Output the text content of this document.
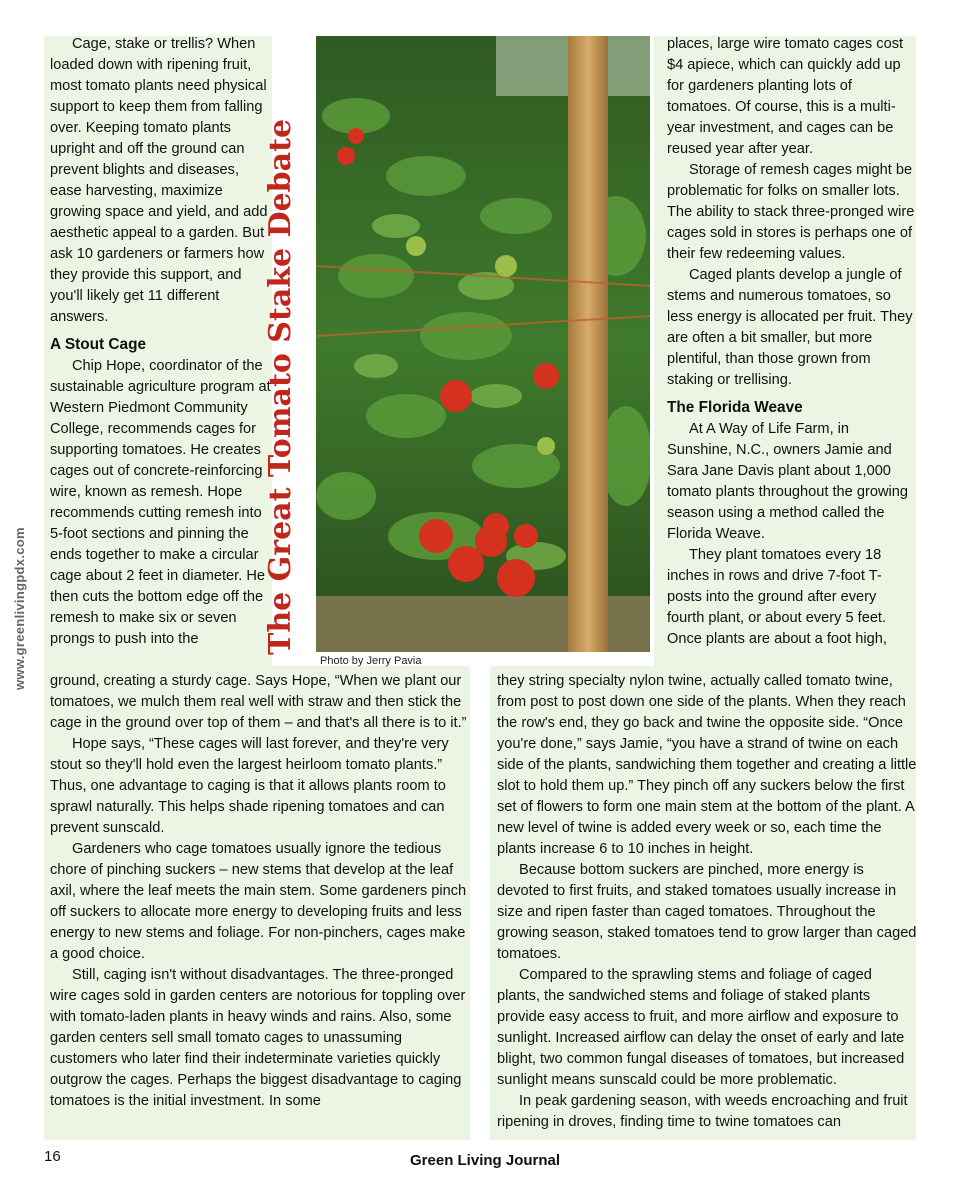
www.greenlivingpdx.com

Cage, stake or trellis? When loaded down with ripening fruit, most tomato plants need physical support to keep them from falling over. Keeping tomato plants upright and off the ground can prevent blights and diseases, ease harvesting, maximize growing space and yield, and add aesthetic appeal to a garden. But ask 10 gardeners or farmers how they provide this support, and you'll likely get 11 different answers.

A Stout Cage

Chip Hope, coordinator of the sustainable agriculture program at Western Piedmont Community College, recommends cages for supporting tomatoes. He creates cages out of concrete-reinforcing wire, known as remesh. Hope recommends cutting remesh into 5-foot sections and pinning the ends together to make a circular cage about 2 feet in diameter. He then cuts the bottom edge off the remesh to make six or seven prongs to push into the	The Great Tomato Stake Debate
Photo by Jerry Pavia

places, large wire tomato cages cost $4 apiece, which can quickly add up for gardeners planting lots of tomatoes. Of course, this is a multi-year investment, and cages can be reused year after year.

Storage of remesh cages might be problematic for folks on smaller lots. The ability to stack three-pronged wire cages sold in stores is perhaps one of their few redeeming values.

Caged plants develop a jungle of stems and numerous tomatoes, so less energy is allocated per fruit. They are often a bit smaller, but more plentiful, than those grown from staking or trellising.

The Florida Weave

At A Way of Life Farm, in Sunshine, N.C., owners Jamie and Sara Jane Davis plant about 1,000 tomato plants throughout the growing season using a method called the Florida Weave.

They plant tomatoes every 18 inches in rows and drive 7-foot T-posts into the ground after every fourth plant, or about every 5 feet. Once plants are about a foot high,

ground, creating a sturdy cage. Says Hope, “When we plant our tomatoes, we mulch them real well with straw and then stick the cage in the ground over top of them – and that's all there is to it.”

Hope says, “These cages will last forever, and they're very stout so they'll hold even the largest heirloom tomato plants.” Thus, one advantage to caging is that it allows plants room to sprawl naturally. This helps shade ripening tomatoes and can prevent sunscald.

Gardeners who cage tomatoes usually ignore the tedious chore of pinching suckers – new stems that develop at the leaf axil, where the leaf meets the main stem. Some gardeners pinch off suckers to allocate more energy to developing fruits and less energy to new stems and foliage. For non-pinchers, cages make a good choice.

Still, caging isn't without disadvantages. The three-pronged wire cages sold in garden centers are notorious for toppling over with tomato-laden plants in heavy winds and rains. Also, some garden centers sell small tomato cages to unassuming customers who later find their indeterminate varieties quickly outgrow the cages. Perhaps the biggest disadvantage to caging tomatoes is the initial investment. In some

they string specialty nylon twine, actually called tomato twine, from post to post down one side of the plants. When they reach the row's end, they go back and twine the opposite side. “Once you're done,” says Jamie, “you have a strand of twine on each side of the plants, sandwiching them together and creating a little slot to hold them up.” They pinch off any suckers below the first set of flowers to form one main stem at the bottom of the plant. A new level of twine is added every week or so, each time the plants increase 6 to 10 inches in height.

Because bottom suckers are pinched, more energy is devoted to first fruits, and staked tomatoes usually increase in size and ripen faster than caged tomatoes. Throughout the growing season, staked tomatoes tend to grow larger than caged tomatoes.

Compared to the sprawling stems and foliage of caged plants, the sandwiched stems and foliage of staked plants provide easy access to fruit, and more airflow and exposure to sunlight. Increased airflow can delay the onset of early and late blight, two common fungal diseases of tomatoes, but increased sunlight means sunscald could be more problematic.

In peak gardening season, with weeds encroaching and fruit ripening in droves, finding time to twine tomatoes can

16	Green Living Journal
